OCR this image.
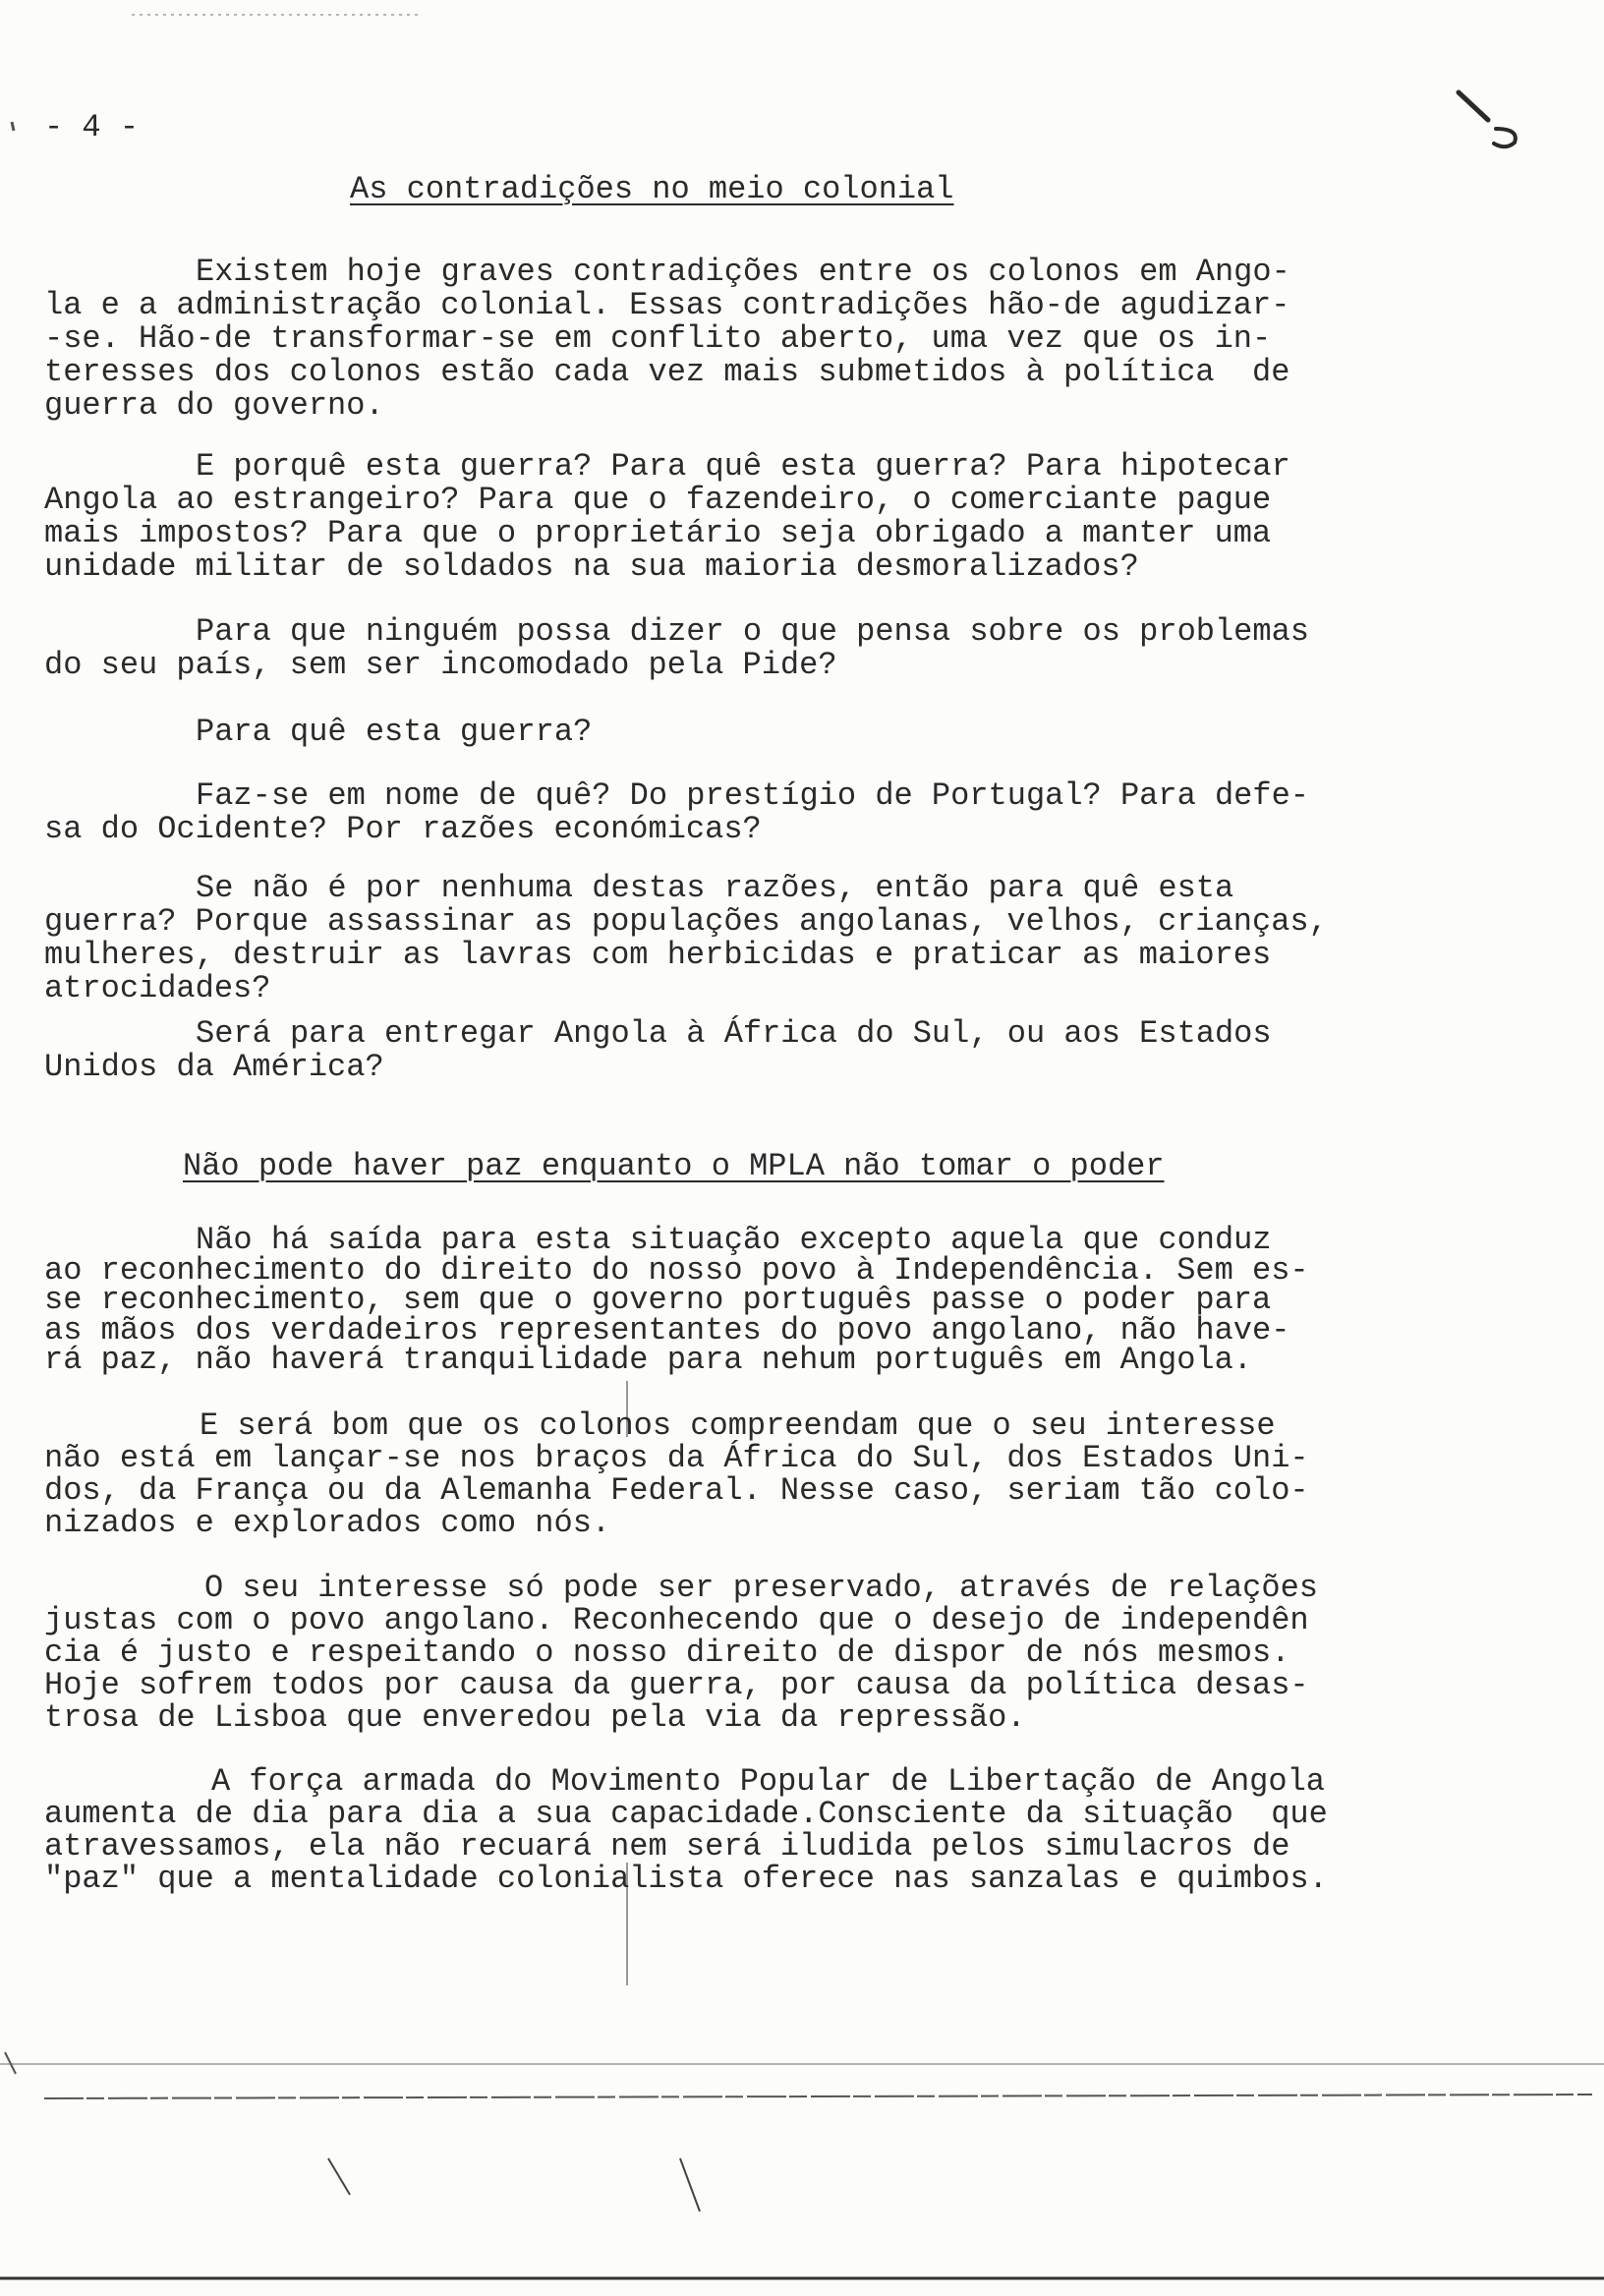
- 4 -
As contradições no meio colonial
Existem hoje graves contradições entre os colonos em Ango-
la e a administração colonial. Essas contradições hão-de agudizar-
-se. Hão-de transformar-se em conflito aberto, uma vez que os in-
teresses dos colonos estão cada vez mais submetidos à política  de
guerra do governo.
E porquê esta guerra? Para quê esta guerra? Para hipotecar
Angola ao estrangeiro? Para que o fazendeiro, o comerciante pague
mais impostos? Para que o proprietário seja obrigado a manter uma
unidade militar de soldados na sua maioria desmoralizados?
Para que ninguém possa dizer o que pensa sobre os problemas
do seu país, sem ser incomodado pela Pide?
Para quê esta guerra?
Faz-se em nome de quê? Do prestígio de Portugal? Para defe-
sa do Ocidente? Por razões económicas?
Se não é por nenhuma destas razões, então para quê esta
guerra? Porque assassinar as populações angolanas, velhos, crianças,
mulheres, destruir as lavras com herbicidas e praticar as maiores
atrocidades?
Será para entregar Angola à África do Sul, ou aos Estados
Unidos da América?
Não pode haver paz enquanto o MPLA não tomar o poder
Não há saída para esta situação excepto aquela que conduz
ao reconhecimento do direito do nosso povo à Independência. Sem es-
se reconhecimento, sem que o governo português passe o poder para
as mãos dos verdadeiros representantes do povo angolano, não have-
rá paz, não haverá tranquilidade para nehum português em Angola.
E será bom que os colonos compreendam que o seu interesse
não está em lançar-se nos braços da África do Sul, dos Estados Uni-
dos, da França ou da Alemanha Federal. Nesse caso, seriam tão colo-
nizados e explorados como nós.
O seu interesse só pode ser preservado, através de relações
justas com o povo angolano. Reconhecendo que o desejo de independên
cia é justo e respeitando o nosso direito de dispor de nós mesmos.
Hoje sofrem todos por causa da guerra, por causa da política desas-
trosa de Lisboa que enveredou pela via da repressão.
A força armada do Movimento Popular de Libertação de Angola
aumenta de dia para dia a sua capacidade.Consciente da situação  que
atravessamos, ela não recuará nem será iludida pelos simulacros de
"paz" que a mentalidade colonialista oferece nas sanzalas e quimbos.
